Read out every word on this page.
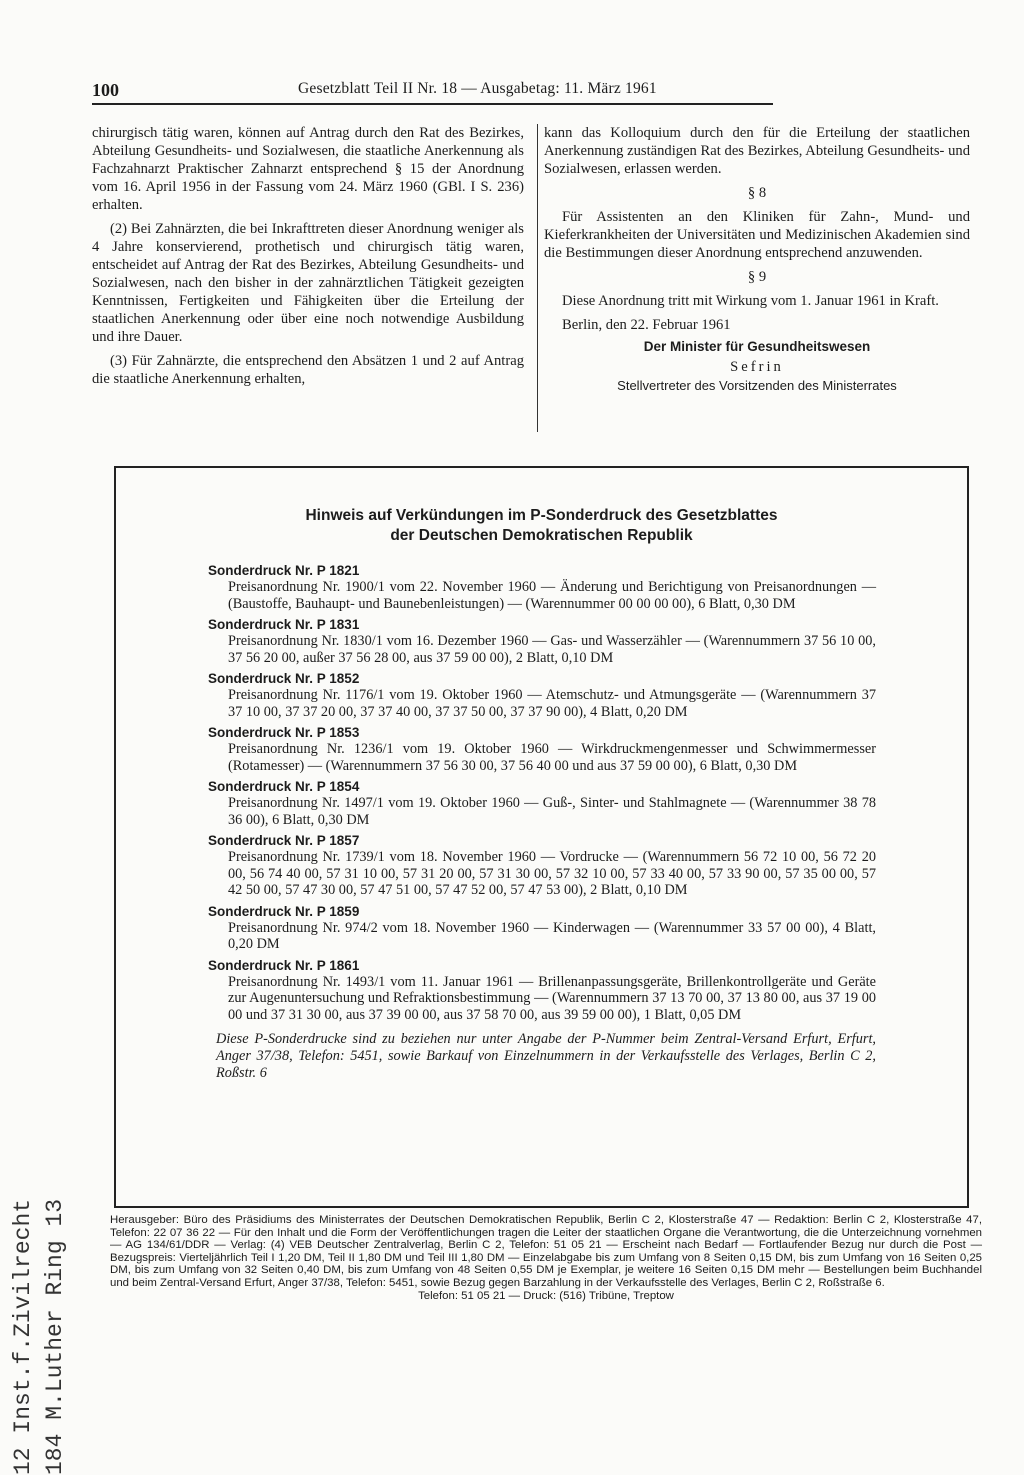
100	Gesetzblatt Teil II Nr. 18 — Ausgabetag: 11. März 1961

chirurgisch tätig waren, können auf Antrag durch den Rat des Bezirkes, Abteilung Gesundheits- und Sozialwesen, die staatliche Anerkennung als Fachzahnarzt Praktischer Zahnarzt entsprechend § 15 der Anordnung vom 16. April 1956 in der Fassung vom 24. März 1960 (GBl. I S. 236) erhalten.

(2) Bei Zahnärzten, die bei Inkrafttreten dieser Anordnung weniger als 4 Jahre konservierend, prothetisch und chirurgisch tätig waren, entscheidet auf Antrag der Rat des Bezirkes, Abteilung Gesundheits- und Sozialwesen, nach den bisher in der zahnärztlichen Tätigkeit gezeigten Kenntnissen, Fertigkeiten und Fähigkeiten über die Erteilung der staatlichen Anerkennung oder über eine noch notwendige Ausbildung und ihre Dauer.

(3) Für Zahnärzte, die entsprechend den Absätzen 1 und 2 auf Antrag die staatliche Anerkennung erhalten,

kann das Kolloquium durch den für die Erteilung der staatlichen Anerkennung zuständigen Rat des Bezirkes, Abteilung Gesundheits- und Sozialwesen, erlassen werden.

§ 8

Für Assistenten an den Kliniken für Zahn-, Mund- und Kieferkrankheiten der Universitäten und Medizinischen Akademien sind die Bestimmungen dieser Anordnung entsprechend anzuwenden.

§ 9

Diese Anordnung tritt mit Wirkung vom 1. Januar 1961 in Kraft.

Berlin, den 22. Februar 1961
Der Minister für Gesundheitswesen
Sefrin
Stellvertreter des Vorsitzenden des Ministerrates
Hinweis auf Verkündungen im P-Sonderdruck des Gesetzblattes
der Deutschen Demokratischen Republik
Sonderdruck Nr. P 1821
Preisanordnung Nr. 1900/1 vom 22. November 1960 — Änderung und Berichtigung von Preisanordnungen — (Baustoffe, Bauhaupt- und Baunebenleistungen) — (Warennummer 00 00 00 00), 6 Blatt, 0,30 DM
Sonderdruck Nr. P 1831
Preisanordnung Nr. 1830/1 vom 16. Dezember 1960 — Gas- und Wasserzähler — (Warennummern 37 56 10 00, 37 56 20 00, außer 37 56 28 00, aus 37 59 00 00), 2 Blatt, 0,10 DM
Sonderdruck Nr. P 1852
Preisanordnung Nr. 1176/1 vom 19. Oktober 1960 — Atemschutz- und Atmungsgeräte — (Warennummern 37 37 10 00, 37 37 20 00, 37 37 40 00, 37 37 50 00, 37 37 90 00), 4 Blatt, 0,20 DM
Sonderdruck Nr. P 1853
Preisanordnung Nr. 1236/1 vom 19. Oktober 1960 — Wirkdruckmengenmesser und Schwimmermesser (Rotamesser) — (Warennummern 37 56 30 00, 37 56 40 00 und aus 37 59 00 00), 6 Blatt, 0,30 DM
Sonderdruck Nr. P 1854
Preisanordnung Nr. 1497/1 vom 19. Oktober 1960 — Guß-, Sinter- und Stahlmagnete — (Warennummer 38 78 36 00), 6 Blatt, 0,30 DM
Sonderdruck Nr. P 1857
Preisanordnung Nr. 1739/1 vom 18. November 1960 — Vordrucke — (Warennummern 56 72 10 00, 56 72 20 00, 56 74 40 00, 57 31 10 00, 57 31 20 00, 57 31 30 00, 57 32 10 00, 57 33 40 00, 57 33 90 00, 57 35 00 00, 57 42 50 00, 57 47 30 00, 57 47 51 00, 57 47 52 00, 57 47 53 00), 2 Blatt, 0,10 DM
Sonderdruck Nr. P 1859
Preisanordnung Nr. 974/2 vom 18. November 1960 — Kinderwagen — (Warennummer 33 57 00 00), 4 Blatt, 0,20 DM
Sonderdruck Nr. P 1861
Preisanordnung Nr. 1493/1 vom 11. Januar 1961 — Brillenanpassungsgeräte, Brillenkontrollgeräte und Geräte zur Augenuntersuchung und Refraktionsbestimmung — (Warennummern 37 13 70 00, 37 13 80 00, aus 37 19 00 00 und 37 31 30 00, aus 37 39 00 00, aus 37 58 70 00, aus 39 59 00 00), 1 Blatt, 0,05 DM
Diese P-Sonderdrucke sind zu beziehen nur unter Angabe der P-Nummer beim Zentral-Versand Erfurt, Erfurt, Anger 37/38, Telefon: 5451, sowie Barkauf von Einzelnummern in der Verkaufsstelle des Verlages, Berlin C 2, Roßstr. 6
Herausgeber: Büro des Präsidiums des Ministerrates der Deutschen Demokratischen Republik, Berlin C 2, Klosterstraße 47 — Redaktion: Berlin C 2, Klosterstraße 47, Telefon: 22 07 36 22 — Für den Inhalt und die Form der Veröffentlichungen tragen die Leiter der staatlichen Organe die Verantwortung, die die Unterzeichnung vornehmen — AG 134/61/DDR — Verlag: (4) VEB Deutscher Zentralverlag, Berlin C 2, Telefon: 51 05 21 — Erscheint nach Bedarf — Fortlaufender Bezug nur durch die Post — Bezugspreis: Vierteljährlich Teil I 1,20 DM, Teil II 1,80 DM und Teil III 1,80 DM — Einzelabgabe bis zum Umfang von 8 Seiten 0,15 DM, bis zum Umfang von 16 Seiten 0,25 DM, bis zum Umfang von 32 Seiten 0,40 DM, bis zum Umfang von 48 Seiten 0,55 DM je Exemplar, je weitere 16 Seiten 0,15 DM mehr — Bestellungen beim Buchhandel und beim Zentral-Versand Erfurt, Anger 37/38, Telefon: 5451, sowie Bezug gegen Barzahlung in der Verkaufsstelle des Verlages, Berlin C 2, Roßstraße 6.
Telefon: 51 05 21 — Druck: (516) Tribüne, Treptow
12 Inst.f.Zivilrecht 184 M.Luther Ring 13
